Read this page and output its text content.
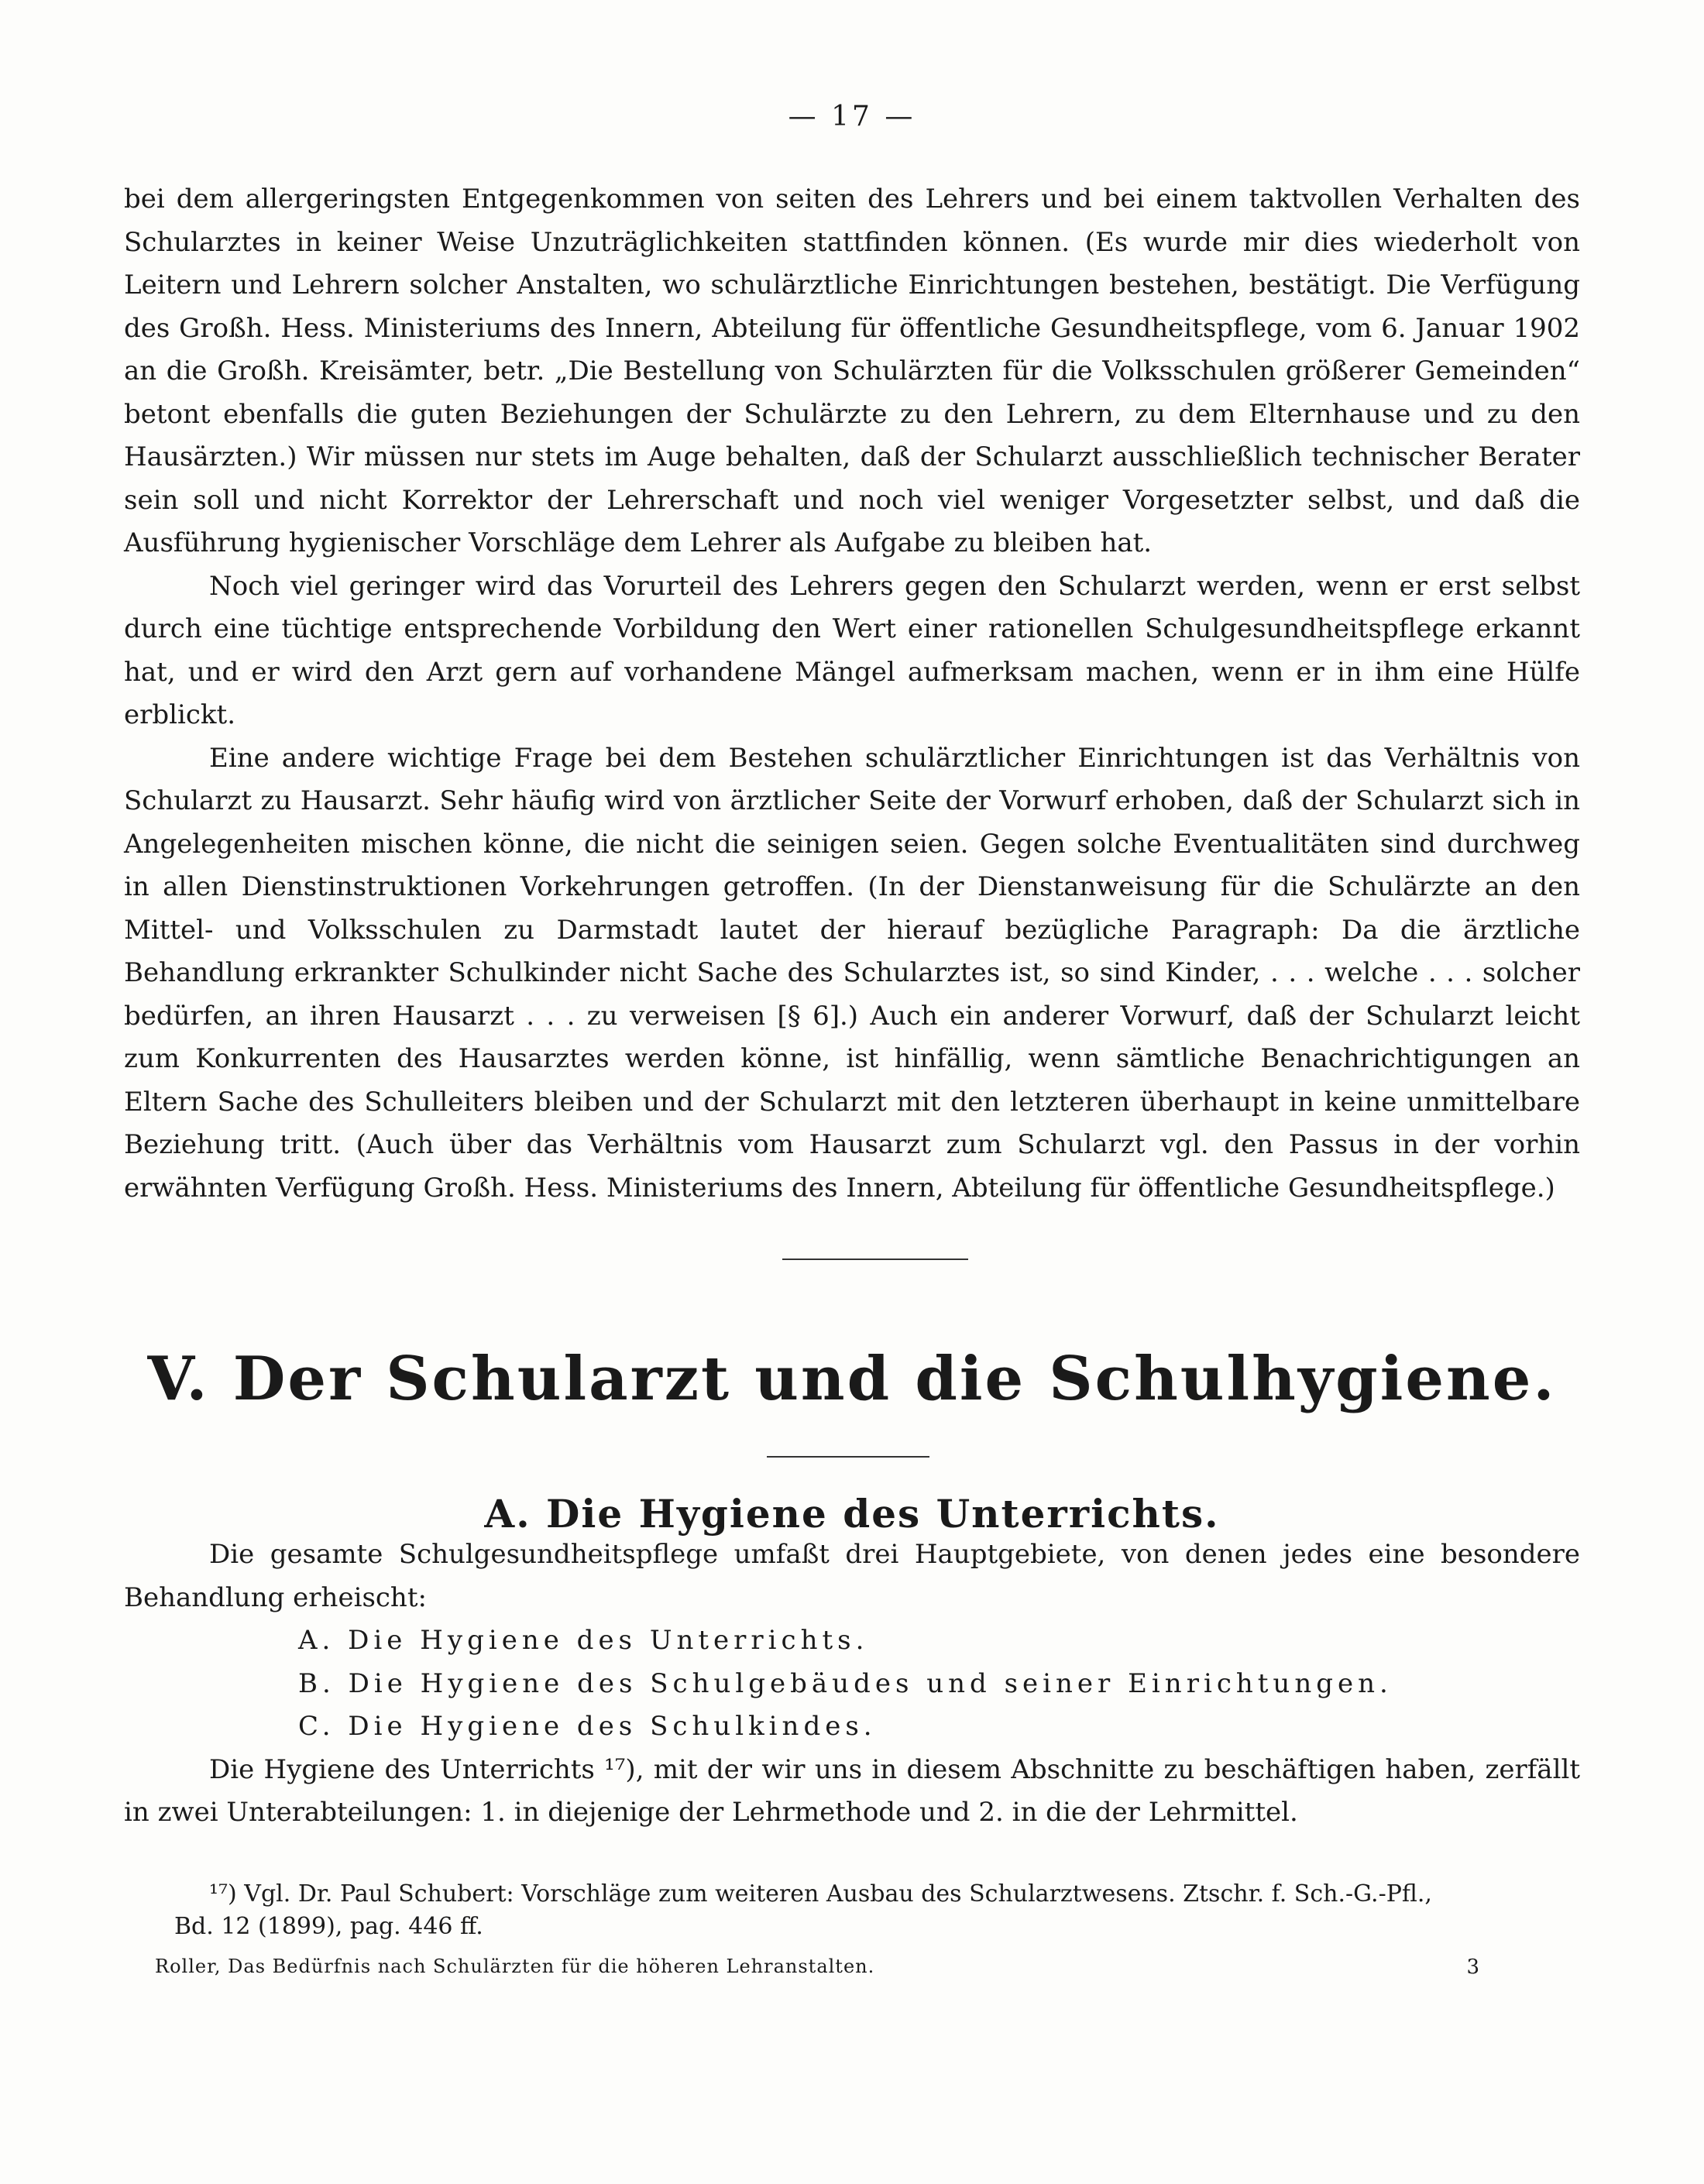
— 17 —

bei dem allergeringsten Entgegenkommen von seiten des Lehrers und bei einem taktvollen Verhalten des Schularztes in keiner Weise Unzuträglichkeiten stattfinden können. (Es wurde mir dies wiederholt von Leitern und Lehrern solcher Anstalten, wo schulärztliche Einrichtungen bestehen, bestätigt. Die Verfügung des Großh. Hess. Ministeriums des Innern, Abteilung für öffentliche Gesundheitspflege, vom 6. Januar 1902 an die Großh. Kreisämter, betr. „Die Bestellung von Schulärzten für die Volksschulen größerer Gemeinden“ betont ebenfalls die guten Beziehungen der Schulärzte zu den Lehrern, zu dem Elternhause und zu den Hausärzten.) Wir müssen nur stets im Auge behalten, daß der Schularzt ausschließlich technischer Berater sein soll und nicht Korrektor der Lehrerschaft und noch viel weniger Vorgesetzter selbst, und daß die Ausführung hygienischer Vorschläge dem Lehrer als Aufgabe zu bleiben hat.

Noch viel geringer wird das Vorurteil des Lehrers gegen den Schularzt werden, wenn er erst selbst durch eine tüchtige entsprechende Vorbildung den Wert einer rationellen Schulgesundheitspflege erkannt hat, und er wird den Arzt gern auf vorhandene Mängel aufmerksam machen, wenn er in ihm eine Hülfe erblickt.

Eine andere wichtige Frage bei dem Bestehen schulärztlicher Einrichtungen ist das Verhältnis von Schularzt zu Hausarzt. Sehr häufig wird von ärztlicher Seite der Vorwurf erhoben, daß der Schularzt sich in Angelegenheiten mischen könne, die nicht die seinigen seien. Gegen solche Eventualitäten sind durchweg in allen Dienstinstruktionen Vorkehrungen getroffen. (In der Dienstanweisung für die Schulärzte an den Mittel- und Volksschulen zu Darmstadt lautet der hierauf bezügliche Paragraph: Da die ärztliche Behandlung erkrankter Schulkinder nicht Sache des Schularztes ist, so sind Kinder, . . . welche . . . solcher bedürfen, an ihren Hausarzt . . . zu verweisen [§ 6].) Auch ein anderer Vorwurf, daß der Schularzt leicht zum Konkurrenten des Hausarztes werden könne, ist hinfällig, wenn sämtliche Benachrichtigungen an Eltern Sache des Schulleiters bleiben und der Schularzt mit den letzteren überhaupt in keine unmittelbare Beziehung tritt. (Auch über das Verhältnis vom Hausarzt zum Schularzt vgl. den Passus in der vorhin erwähnten Verfügung Großh. Hess. Ministeriums des Innern, Abteilung für öffentliche Gesundheitspflege.)

V. Der Schularzt und die Schulhygiene.
A. Die Hygiene des Unterrichts.

Die gesamte Schulgesundheitspflege umfaßt drei Hauptgebiete, von denen jedes eine besondere Behandlung erheischt:

A. Die Hygiene des Unterrichts.
B. Die Hygiene des Schulgebäudes und seiner Einrichtungen.
C. Die Hygiene des Schulkindes.

Die Hygiene des Unterrichts ¹⁷), mit der wir uns in diesem Abschnitte zu beschäftigen haben, zerfällt in zwei Unterabteilungen: 1. in diejenige der Lehrmethode und 2. in die der Lehrmittel.

¹⁷) Vgl. Dr. Paul Schubert: Vorschläge zum weiteren Ausbau des Schularztwesens. Ztschr. f. Sch.-G.-Pfl.,
Bd. 12 (1899), pag. 446 ff.
Roller, Das Bedürfnis nach Schulärzten für die höheren Lehranstalten.	3
